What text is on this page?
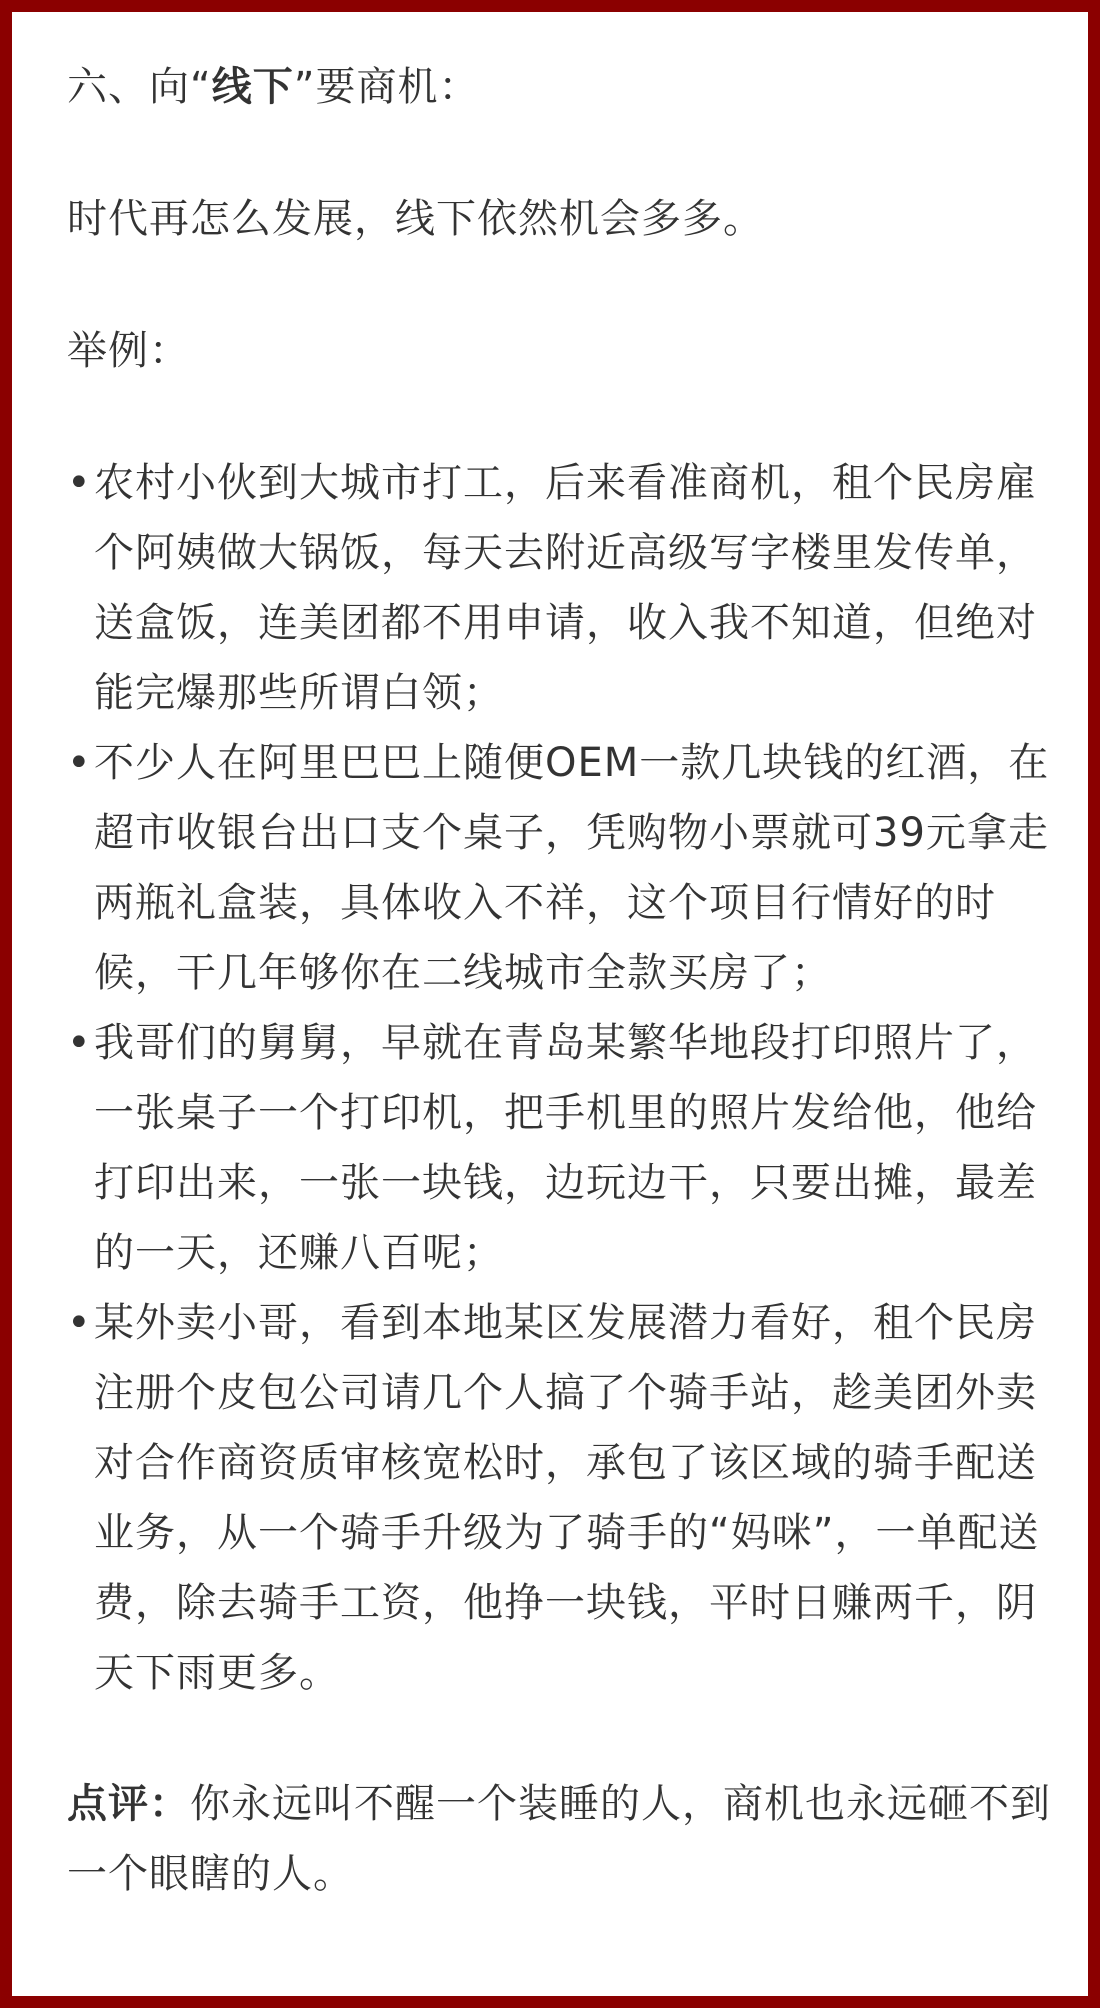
六、向“线下”要商机：

时代再怎么发展，线下依然机会多多。

举例：

• 农村小伙到大城市打工，后来看准商机，租个民房雇个阿姨做大锅饭，每天去附近高级写字楼里发传单，送盒饭，连美团都不用申请，收入我不知道，但绝对能完爆那些所谓白领；
• 不少人在阿里巴巴上随便OEM一款几块钱的红酒，在超市收银台出口支个桌子，凭购物小票就可39元拿走两瓶礼盒装，具体收入不祥，这个项目行情好的时候，干几年够你在二线城市全款买房了；
• 我哥们的舅舅，早就在青岛某繁华地段打印照片了，一张桌子一个打印机，把手机里的照片发给他，他给打印出来，一张一块钱，边玩边干，只要出摊，最差的一天，还赚八百呢；
• 某外卖小哥，看到本地某区发展潜力看好，租个民房注册个皮包公司请几个人搞了个骑手站，趁美团外卖对合作商资质审核宽松时，承包了该区域的骑手配送业务，从一个骑手升级为了骑手的“妈咪”，一单配送费，除去骑手工资，他挣一块钱，平时日赚两千，阴天下雨更多。

点评：你永远叫不醒一个装睡的人，商机也永远砸不到一个眼瞎的人。
